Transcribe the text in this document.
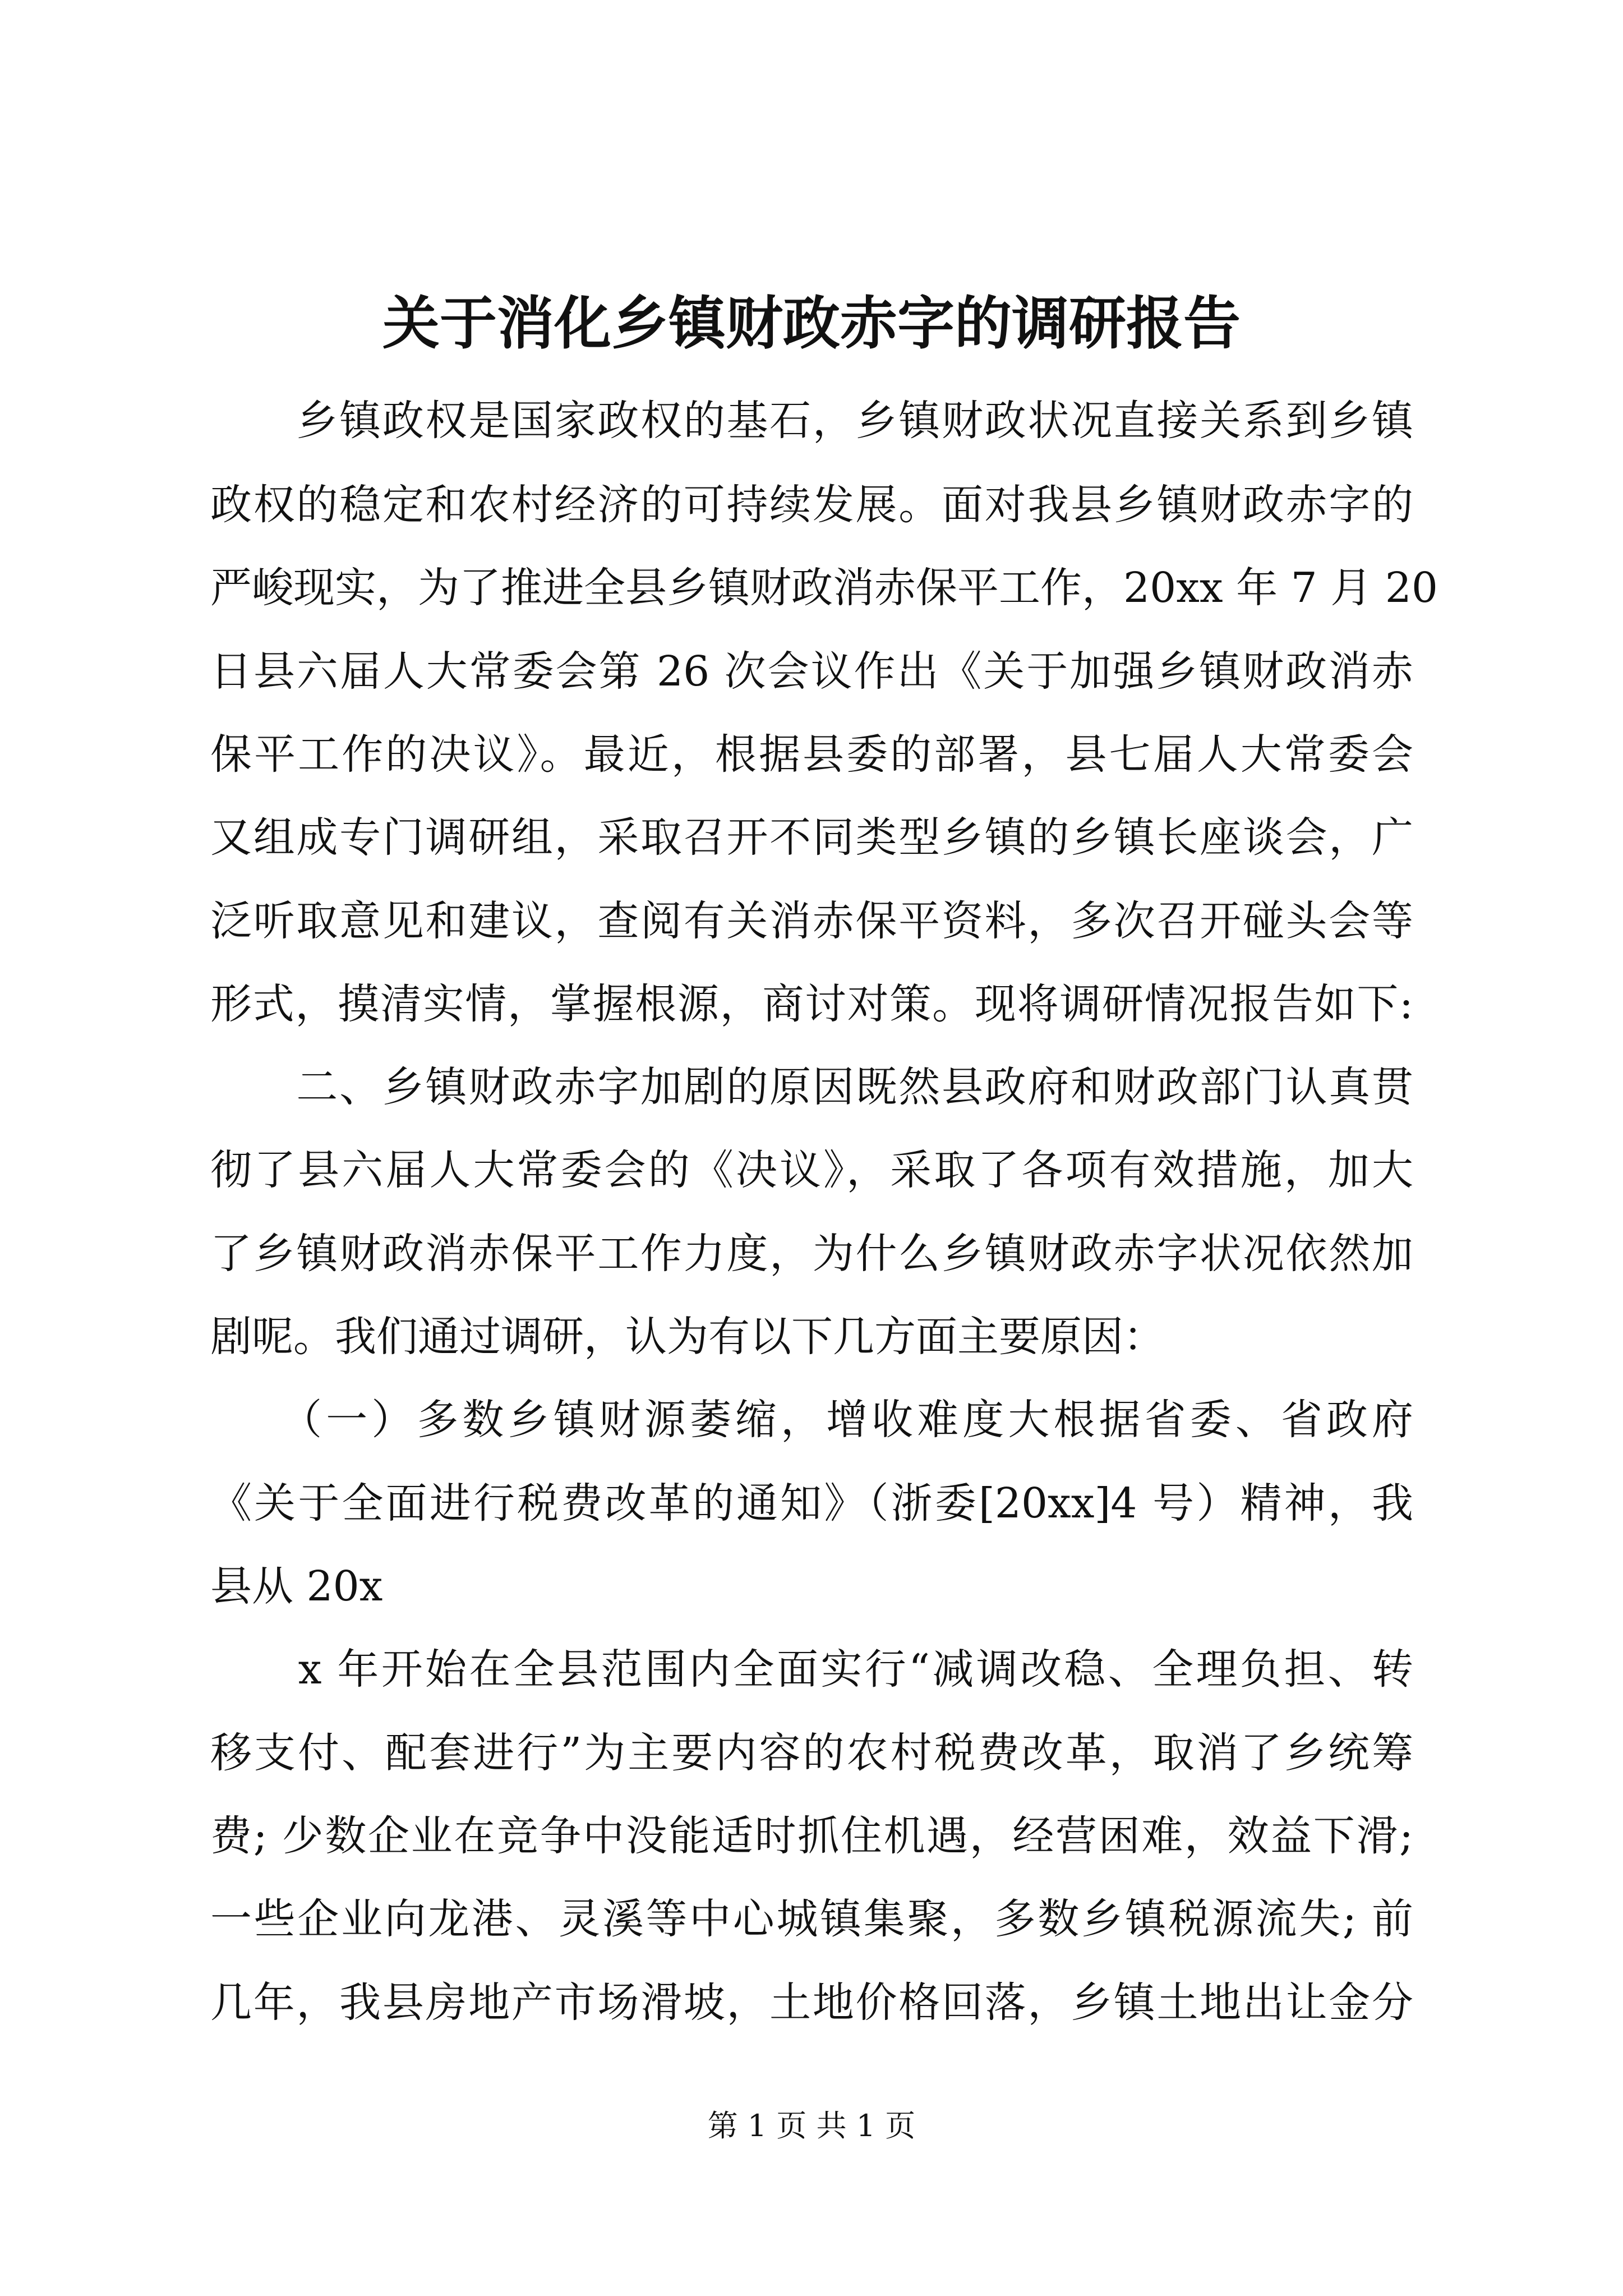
关于消化乡镇财政赤字的调研报告
　　乡镇政权是国家政权的基石，乡镇财政状况直接关系到乡镇
政权的稳定和农村经济的可持续发展。面对我县乡镇财政赤字的
严峻现实，为了推进全县乡镇财政消赤保平工作，20xx 年 7 月 20
日县六届人大常委会第 26 次会议作出《关于加强乡镇财政消赤
保平工作的决议》。最近，根据县委的部署，县七届人大常委会
又组成专门调研组，采取召开不同类型乡镇的乡镇长座谈会，广
泛听取意见和建议，查阅有关消赤保平资料，多次召开碰头会等
形式，摸清实情，掌握根源，商讨对策。现将调研情况报告如下:
　　二、乡镇财政赤字加剧的原因既然县政府和财政部门认真贯
彻了县六届人大常委会的《决议》，采取了各项有效措施，加大
了乡镇财政消赤保平工作力度，为什么乡镇财政赤字状况依然加
剧呢。我们通过调研，认为有以下几方面主要原因：
　　（一）多数乡镇财源萎缩，增收难度大根据省委、省政府
《关于全面进行税费改革的通知》（浙委[20xx]4 号）精神，我
县从 20x
　　x 年开始在全县范围内全面实行“减调改稳、全理负担、转
移支付、配套进行”为主要内容的农村税费改革，取消了乡统筹
费; 少数企业在竞争中没能适时抓住机遇，经营困难，效益下滑;
一些企业向龙港、灵溪等中心城镇集聚，多数乡镇税源流失; 前
几年，我县房地产市场滑坡，土地价格回落，乡镇土地出让金分
第 1 页 共 1 页
